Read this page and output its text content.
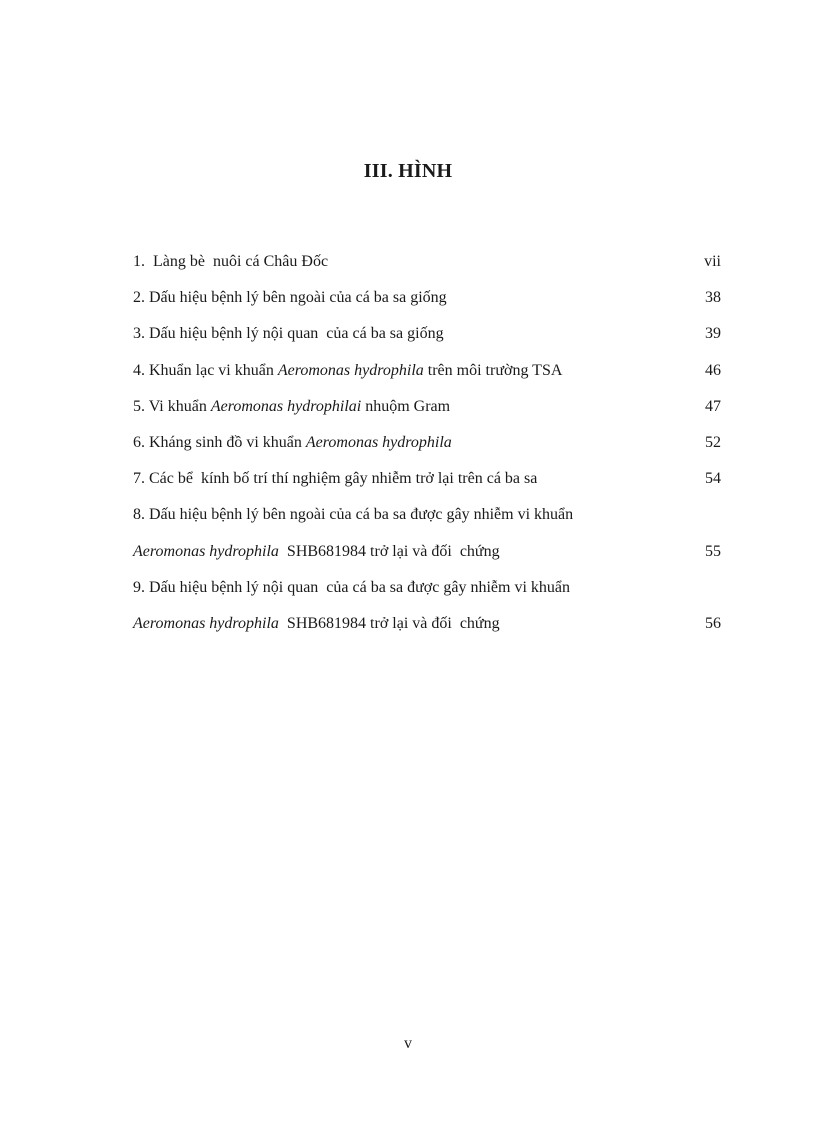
III. HÌNH
1.  Làng bè  nuôi cá Châu Đốc	vii
2. Dấu hiệu bệnh lý bên ngoài của cá ba sa giống	38
3. Dấu hiệu bệnh lý nội quan  của cá ba sa giống	39
4. Khuẩn lạc vi khuẩn Aeromonas hydrophila trên môi trường TSA	46
5. Vi khuẩn Aeromonas hydrophilai nhuộm Gram	47
6. Kháng sinh đồ vi khuẩn Aeromonas hydrophila	52
7. Các bể  kính bố trí thí nghiệm gây nhiễm trở lại trên cá ba sa	54
8. Dấu hiệu bệnh lý bên ngoài của cá ba sa được gây nhiễm vi khuẩn
Aeromonas hydrophila  SHB681984 trở lại và đối  chứng	55
9. Dấu hiệu bệnh lý nội quan  của cá ba sa được gây nhiễm vi khuẩn
Aeromonas hydrophila  SHB681984 trở lại và đối  chứng	56
v
